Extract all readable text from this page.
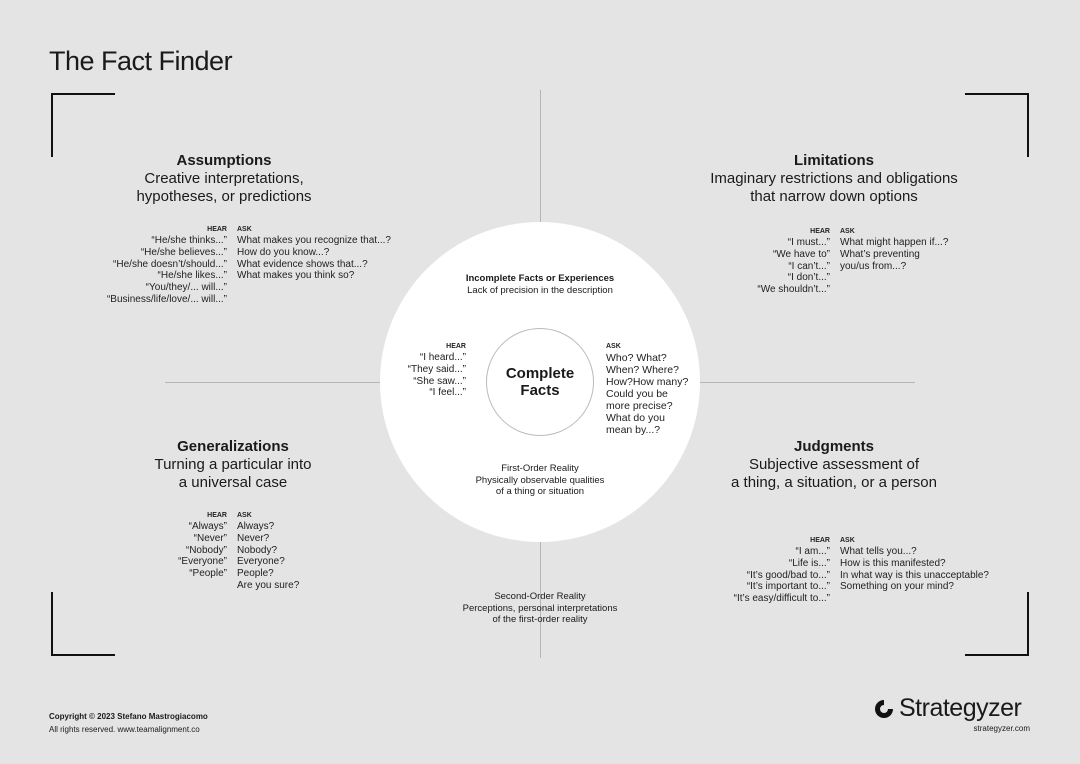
The Fact Finder
Complete
Facts
Assumptions
Creative interpretations,
hypotheses, or predictions
Limitations
Imaginary restrictions and obligations
that narrow down options
Generalizations
Turning a particular into
a universal case
Judgments
Subjective assessment of
a thing, a situation, or a person
HEAR
“He/she thinks...”
“He/she believes...”
“He/she doesn’t/should...”
“He/she likes...”
“You/they/... will...”
“Business/life/love/... will...”
ASK
What makes you recognize that...?
How do you know...?
What evidence shows that...?
What makes you think so?
HEAR
“I must...”
“We have to”
“I can’t...”
“I don’t...”
“We shouldn’t...”
ASK
What might happen if...?
What’s preventing
you/us from...?
HEAR
“Always”
“Never”
“Nobody”
“Everyone”
“People”
ASK
Always?
Never?
Nobody?
Everyone?
People?
Are you sure?
HEAR
“I am...”
“Life is...”
“It’s good/bad to...”
“It’s important to...”
“It’s easy/difficult to...”
ASK
What tells you...?
How is this manifested?
In what way is this unacceptable?
Something on your mind?
HEAR
“I heard...”
“They said...”
“She saw...”
“I feel...”
ASK
Who? What?
When? Where?
How?How many?
Could you be
more precise?
What do you
mean by...?
Incomplete Facts or Experiences
Lack of precision in the description
First-Order Reality
Physically observable qualities
of a thing or situation
Second-Order Reality
Perceptions, personal interpretations
of the first-order reality
Copyright © 2023 Stefano Mastrogiacomo
All rights reserved. www.teamalignment.co
Strategyzer
strategyzer.com
